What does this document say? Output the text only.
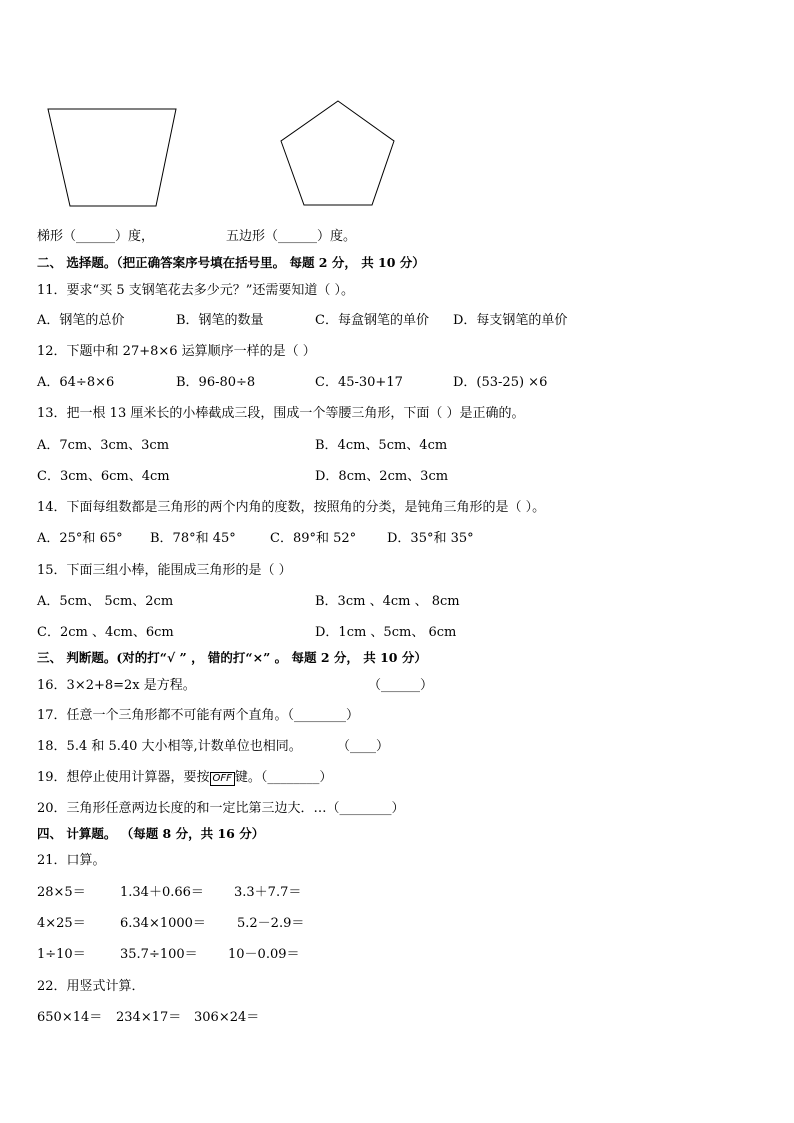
梯形（______）度，	五边形（______）度。
二、 选择题。（把正确答案序号填在括号里。 每题 2 分， 共 10 分）
11．要求“买 5 支钢笔花去多少元？”还需要知道（ ）。
A．钢笔的总价	B．钢笔的数量	C．每盒钢笔的单价 D．每支钢笔的单价
12．下题中和 27+8×6 运算顺序一样的是（ ）
A．64÷8×6	B．96-80÷8	C．45-30+17	D．(53-25) ×6
13．把一根 13 厘米长的小棒截成三段，围成一个等腰三角形，下面（ ）是正确的。
A．7cm、3cm、3cm	B．4cm、5cm、4cm
C．3cm、6cm、4cm	D．8cm、2cm、3cm
14．下面每组数都是三角形的两个内角的度数，按照角的分类，是钝角三角形的是（ ）。
A．25°和 65° B．78°和 45°	C．89°和 52° D．35°和 35°
15．下面三组小棒，能围成三角形的是（ ）
A．5cm、 5cm、2cm	B．3cm 、4cm 、 8cm
C．2cm 、4cm、6cm	D．1cm 、5cm、 6cm
三、 判断题。(对的打“√ ” ， 错的打“×” 。 每题 2 分， 共 10 分）
16．3×2+8=2x 是方程。	（______）
17．任意一个三角形都不可能有两个直角。（________）
18．5.4 和 5.40 大小相等,计数单位也相同。	（____）
19．想停止使用计算器，要按 OFF 键。（________）
20．三角形任意两边长度的和一定比第三边大．…（________）
四、 计算题。 （每题 8 分，共 16 分）
21．口算。
28×5＝	1.34＋0.66＝ 3.3＋7.7＝
4×25＝	6.34×1000＝ 5.2－2.9＝
1÷10＝	35.7÷100＝ 10－0.09＝
22．用竖式计算．
650×14＝ 234×17＝ 306×24＝
